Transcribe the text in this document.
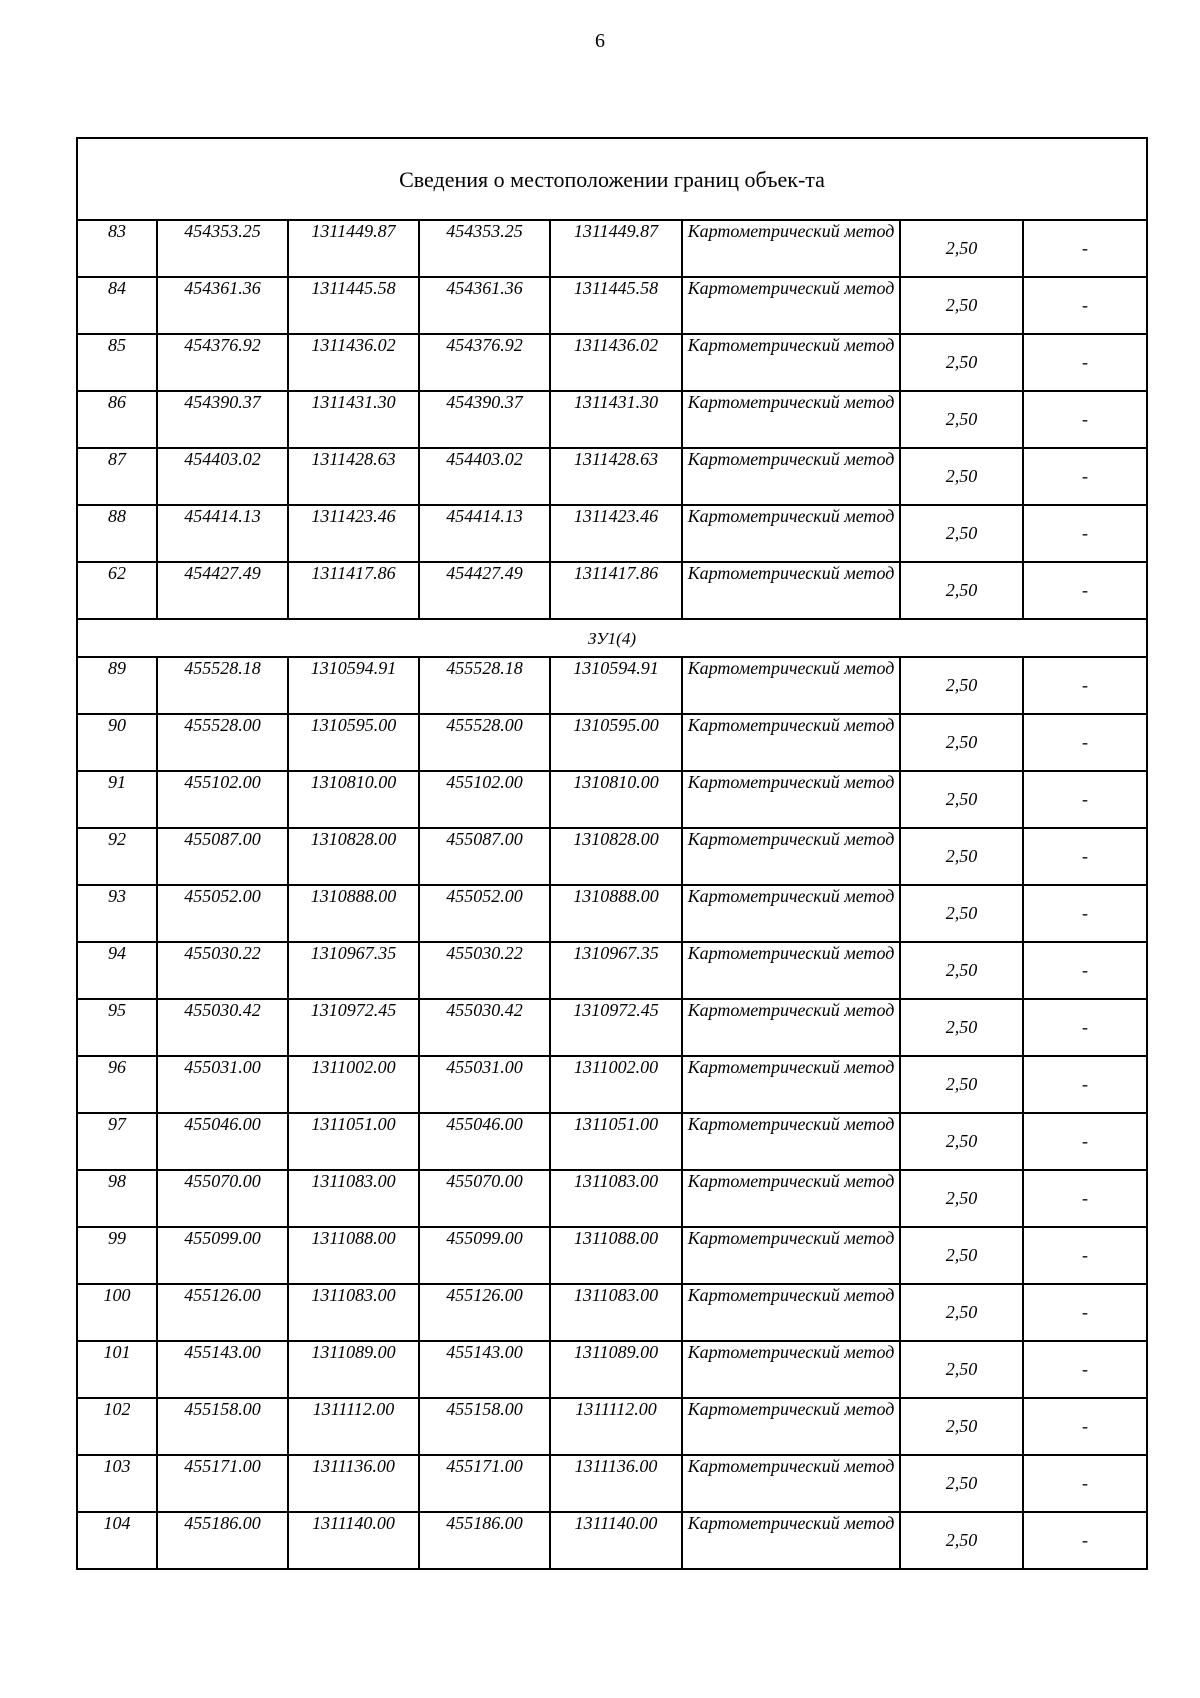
6
Сведения о местоположении границ объек-та							
83	454353.25	1311449.87	454353.25	1311449.87	Картометрический метод	2,50	-
84	454361.36	1311445.58	454361.36	1311445.58	Картометрический метод	2,50	-
85	454376.92	1311436.02	454376.92	1311436.02	Картометрический метод	2,50	-
86	454390.37	1311431.30	454390.37	1311431.30	Картометрический метод	2,50	-
87	454403.02	1311428.63	454403.02	1311428.63	Картометрический метод	2,50	-
88	454414.13	1311423.46	454414.13	1311423.46	Картометрический метод	2,50	-
62	454427.49	1311417.86	454427.49	1311417.86	Картометрический метод	2,50	-
ЗУ1(4)							
89	455528.18	1310594.91	455528.18	1310594.91	Картометрический метод	2,50	-
90	455528.00	1310595.00	455528.00	1310595.00	Картометрический метод	2,50	-
91	455102.00	1310810.00	455102.00	1310810.00	Картометрический метод	2,50	-
92	455087.00	1310828.00	455087.00	1310828.00	Картометрический метод	2,50	-
93	455052.00	1310888.00	455052.00	1310888.00	Картометрический метод	2,50	-
94	455030.22	1310967.35	455030.22	1310967.35	Картометрический метод	2,50	-
95	455030.42	1310972.45	455030.42	1310972.45	Картометрический метод	2,50	-
96	455031.00	1311002.00	455031.00	1311002.00	Картометрический метод	2,50	-
97	455046.00	1311051.00	455046.00	1311051.00	Картометрический метод	2,50	-
98	455070.00	1311083.00	455070.00	1311083.00	Картометрический метод	2,50	-
99	455099.00	1311088.00	455099.00	1311088.00	Картометрический метод	2,50	-
100	455126.00	1311083.00	455126.00	1311083.00	Картометрический метод	2,50	-
101	455143.00	1311089.00	455143.00	1311089.00	Картометрический метод	2,50	-
102	455158.00	1311112.00	455158.00	1311112.00	Картометрический метод	2,50	-
103	455171.00	1311136.00	455171.00	1311136.00	Картометрический метод	2,50	-
104	455186.00	1311140.00	455186.00	1311140.00	Картометрический метод	2,50	-
